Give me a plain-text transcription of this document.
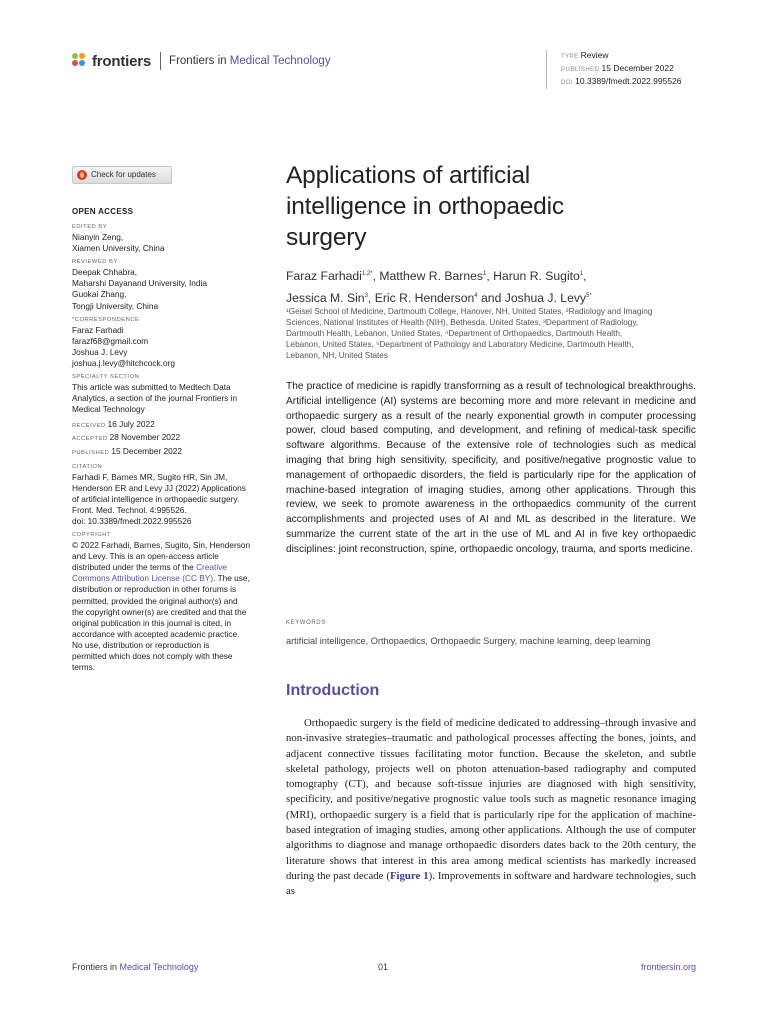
frontiers Frontiers in Medical Technology	TYPE Review
PUBLISHED 15 December 2022
DOI 10.3389/fmedt.2022.995526
Check for updates
OPEN ACCESS
EDITED BY
Nianyin Zeng,
Xiamen University, China
REVIEWED BY
Deepak Chhabra,
Maharshi Dayanand University, India
Guokai Zhang,
Tongji University, China
*CORRESPONDENCE
Faraz Farhadi
farazf68@gmail.com
Joshua J. Levy
joshua.j.levy@hitchcock.org
SPECIALTY SECTION
This article was submitted to Medtech Data
Analytics, a section of the journal Frontiers in
Medical Technology
RECEIVED 16 July 2022
ACCEPTED 28 November 2022
PUBLISHED 15 December 2022
CITATION
Farhadi F, Barnes MR, Sugito HR, Sin JM,
Henderson ER and Levy JJ (2022) Applications
of artificial intelligence in orthopaedic surgery.
Front. Med. Technol. 4:995526.
doi: 10.3389/fmedt.2022.995526
COPYRIGHT
© 2022 Farhadi, Barnes, Sugito, Sin, Henderson
and Levy. This is an open-access article
distributed under the terms of the Creative
Commons Attribution License (CC BY). The use,
distribution or reproduction in other forums is
permitted, provided the original author(s) and
the copyright owner(s) are credited and that the
original publication in this journal is cited, in
accordance with accepted academic practice.
No use, distribution or reproduction is
permitted which does not comply with these
terms.
Applications of artificial
intelligence in orthopaedic
surgery
Faraz Farhadi$^{1,2*}$, Matthew R. Barnes$^1$, Harun R. Sugito$^1$,
Jessica M. Sin$^3$, Eric R. Henderson$^4$ and Joshua J. Levy$^{5*}$
¹Geisel School of Medicine, Dartmouth College, Hanover, NH, United States, ²Radiology and Imaging
Sciences, National Institutes of Health (NIH), Bethesda, United States, ³Department of Radiology,
Dartmouth Health, Lebanon, United States, ⁴Department of Orthopaedics, Dartmouth Health,
Lebanon, United States, ⁵Department of Pathology and Laboratory Medicine, Dartmouth Health,
Lebanon, NH, United States

The practice of medicine is rapidly transforming as a result of technological breakthroughs. Artificial intelligence (AI) systems are becoming more and more relevant in medicine and orthopaedic surgery as a result of the nearly exponential growth in computer processing power, cloud based computing, and development, and refining of medical-task specific software algorithms. Because of the extensive role of technologies such as medical imaging that bring high sensitivity, specificity, and positive/negative prognostic value to management of orthopaedic disorders, the field is particularly ripe for the application of machine-based integration of imaging studies, among other applications. Through this review, we seek to promote awareness in the orthopaedics community of the current accomplishments and projected uses of AI and ML as described in the literature. We summarize the current state of the art in the use of ML and AI in five key orthopaedic disciplines: joint reconstruction, spine, orthopaedic oncology, trauma, and sports medicine.

KEYWORDS

artificial intelligence, Orthopaedics, Orthopaedic Surgery, machine learning, deep learning

Introduction

Orthopaedic surgery is the field of medicine dedicated to addressing–through invasive and non-invasive strategies–traumatic and pathological processes affecting the bones, joints, and adjacent connective tissues facilitating motor function. Because the skeleton, and subtle skeletal pathology, projects well on photon attenuation-based radiography and computed tomography (CT), and because soft-tissue injuries are diagnosed with high sensitivity, specificity, and positive/negative prognostic value tools such as magnetic resonance imaging (MRI), orthopaedic surgery is a field that is particularly ripe for the application of machine-based integration of imaging studies, among other applications. Although the use of computer algorithms to diagnose and manage orthopaedic disorders dates back to the 20th century, the literature shows that interest in this area among medical scientists has markedly increased during the past decade (Figure 1). Improvements in software and hardware technologies, such as

Frontiers in Medical Technology	01	frontiersin.org
